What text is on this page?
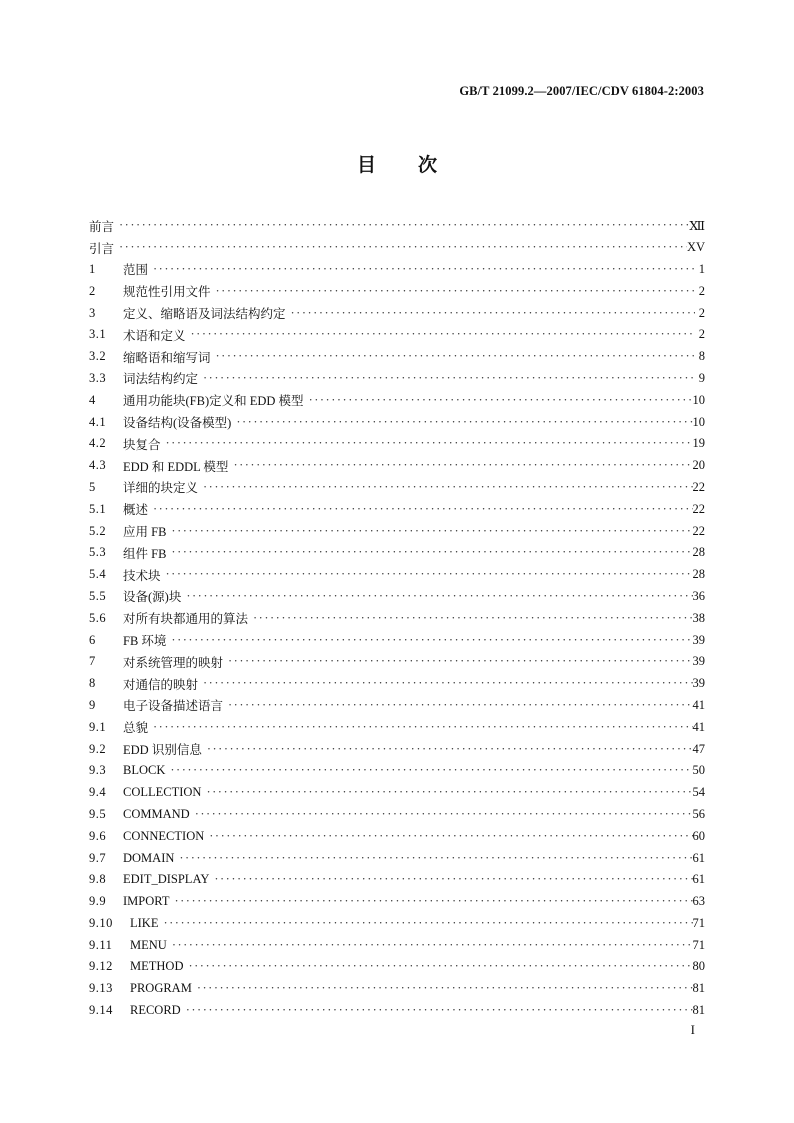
GB/T 21099.2—2007/IEC/CDV 61804-2:2003
目 次
前言 ·····	Ⅻ
引言 ·····	XV
1	范围 ·····	1
2	规范性引用文件 ·····	2
3	定义、缩略语及词法结构约定 ·····	2
3.1	术语和定义 ·····	2
3.2	缩略语和缩写词 ·····	8
3.3	词法结构约定 ·····	9
4	通用功能块(FB)定义和 EDD 模型 ·····	10
4.1	设备结构(设备模型) ·····	10
4.2	块复合 ·····	19
4.3	EDD 和 EDDL 模型 ·····	20
5	详细的块定义 ·····	22
5.1	概述 ·····	22
5.2	应用 FB ·····	22
5.3	组件 FB ·····	28
5.4	技术块 ·····	28
5.5	设备(源)块 ·····	36
5.6	对所有块都通用的算法 ·····	38
6	FB 环境 ·····	39
7	对系统管理的映射 ·····	39
8	对通信的映射 ·····	39
9	电子设备描述语言 ·····	41
9.1	总貌 ·····	41
9.2	EDD 识别信息 ·····	47
9.3	BLOCK ·····	50
9.4	COLLECTION ·····	54
9.5	COMMAND ·····	56
9.6	CONNECTION ·····	60
9.7	DOMAIN ·····	61
9.8	EDIT_DISPLAY ·····	61
9.9	IMPORT ·····	63
9.10	LIKE ·····	71
9.11	MENU ·····	71
9.12	METHOD ·····	80
9.13	PROGRAM ·····	81
9.14	RECORD ·····	81
I
